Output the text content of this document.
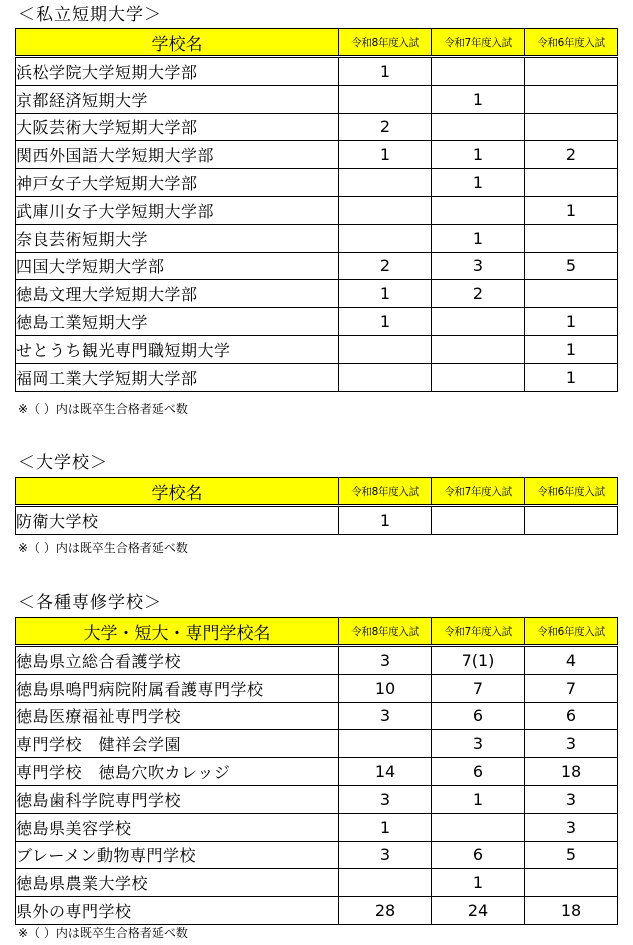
＜私立短期大学＞
学校名	令和8年度入試	令和7年度入試	令和6年度入試
浜松学院大学短期大学部	1		
京都経済短期大学		1	
大阪芸術大学短期大学部	2		
関西外国語大学短期大学部	1	1	2
神戸女子大学短期大学部		1	
武庫川女子大学短期大学部			1
奈良芸術短期大学		1	
四国大学短期大学部	2	3	5
徳島文理大学短期大学部	1	2	
徳島工業短期大学	1		1
せとうち観光専門職短期大学			1
福岡工業大学短期大学部			1
※（ ）内は既卒生合格者延べ数
＜大学校＞
学校名	令和8年度入試	令和7年度入試	令和6年度入試
防衛大学校	1		
※（ ）内は既卒生合格者延べ数
＜各種専修学校＞
大学・短大・専門学校名	令和8年度入試	令和7年度入試	令和6年度入試
徳島県立総合看護学校	3	7(1)	4
徳島県鳴門病院附属看護専門学校	10	7	7
徳島医療福祉専門学校	3	6	6
専門学校　健祥会学園		3	3
専門学校　徳島穴吹カレッジ	14	6	18
徳島歯科学院専門学校	3	1	3
徳島県美容学校	1		3
ブレーメン動物専門学校	3	6	5
徳島県農業大学校		1	
県外の専門学校	28	24	18
※（ ）内は既卒生合格者延べ数
